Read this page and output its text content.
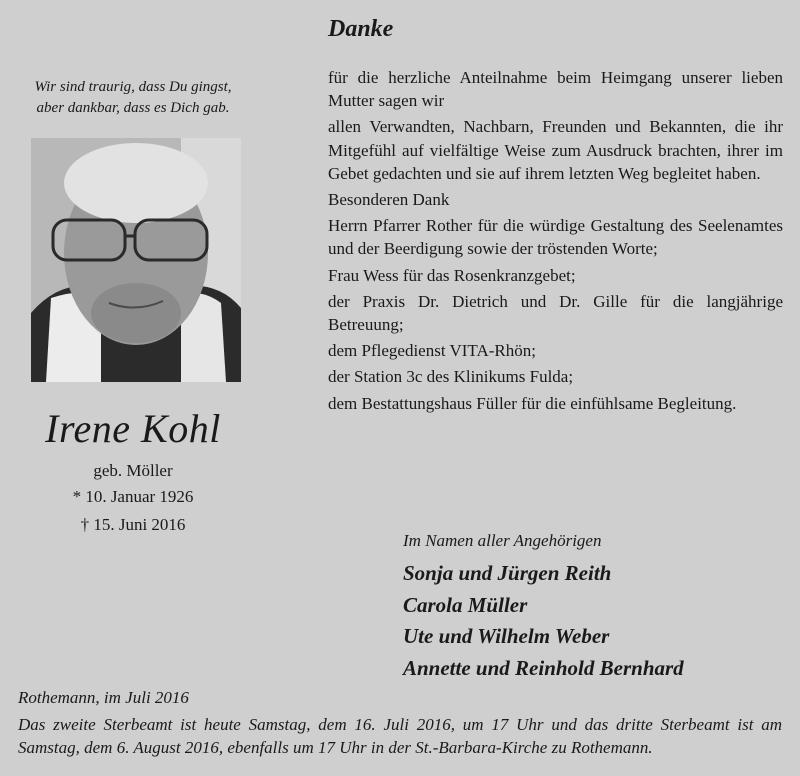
Wir sind traurig, dass Du gingst,
aber dankbar, dass es Dich gab.
Irene Kohl
geb. Möller
* 10. Januar 1926
† 15. Juni 2016
Danke

für die herzliche Anteilnahme beim Heimgang unserer lieben Mutter sagen wir

allen Verwandten, Nachbarn, Freunden und Bekannten, die ihr Mitgefühl auf vielfältige Weise zum Ausdruck brachten, ihrer im Gebet gedachten und sie auf ihrem letzten Weg begleitet haben.

Besonderen Dank

Herrn Pfarrer Rother für die würdige Gestaltung des Seelenamtes und der Beerdigung sowie der tröstenden Worte;

Frau Wess für das Rosenkranzgebet;

der Praxis Dr. Dietrich und Dr. Gille für die langjährige Betreuung;

dem Pflegedienst VITA-Rhön;

der Station 3c des Klinikums Fulda;

dem Bestattungshaus Füller für die einfühlsame Begleitung.

Im Namen aller Angehörigen
Sonja und Jürgen Reith
Carola Müller
Ute und Wilhelm Weber
Annette und Reinhold Bernhard
Rothemann, im Juli 2016
Das zweite Sterbeamt ist heute Samstag, dem 16. Juli 2016, um 17 Uhr und das dritte Sterbeamt ist am Samstag, dem 6. August 2016, ebenfalls um 17 Uhr in der St.-Barbara-Kirche zu Rothemann.
